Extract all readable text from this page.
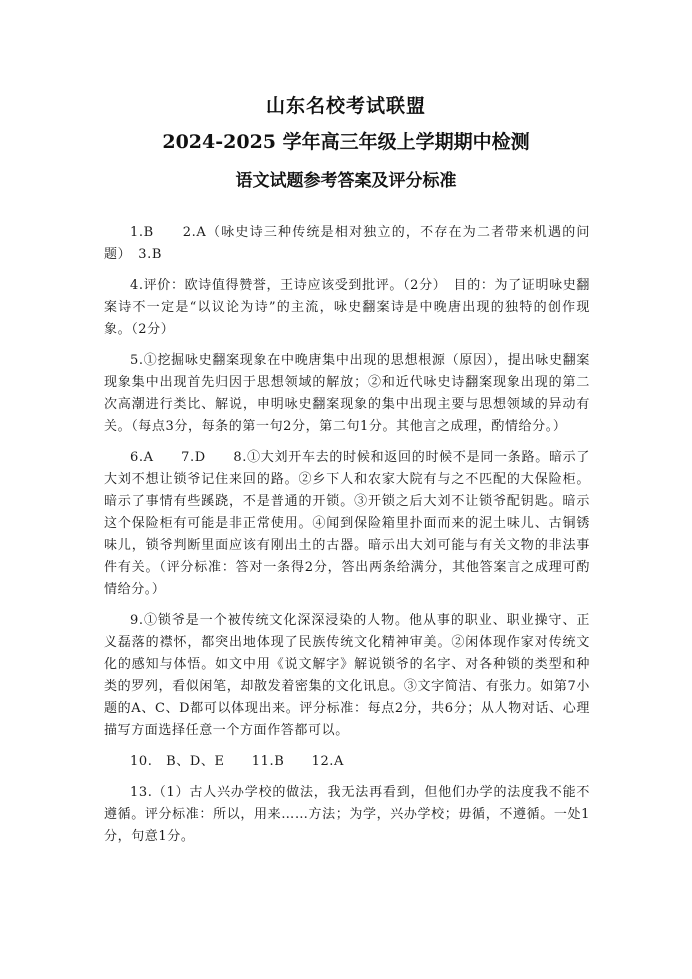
山东名校考试联盟
2024-2025 学年高三年级上学期期中检测
语文试题参考答案及评分标准

1.B　　2.A（咏史诗三种传统是相对独立的，不存在为二者带来机遇的问题）　3.B

4.评价：欧诗值得赞誉，王诗应该受到批评。（2分）　目的：为了证明咏史翻案诗不一定是“以议论为诗”的主流，咏史翻案诗是中晚唐出现的独特的创作现象。（2分）

5.①挖掘咏史翻案现象在中晚唐集中出现的思想根源（原因），提出咏史翻案现象集中出现首先归因于思想领域的解放；②和近代咏史诗翻案现象出现的第二次高潮进行类比、解说，申明咏史翻案现象的集中出现主要与思想领域的异动有关。（每点3分，每条的第一句2分，第二句1分。其他言之成理，酌情给分。）

6.A　　7.D　　8.①大刘开车去的时候和返回的时候不是同一条路。暗示了大刘不想让锁爷记住来回的路。②乡下人和农家大院有与之不匹配的大保险柜。暗示了事情有些蹊跷，不是普通的开锁。③开锁之后大刘不让锁爷配钥匙。暗示这个保险柜有可能是非正常使用。④闻到保险箱里扑面而来的泥土味儿、古铜锈味儿，锁爷判断里面应该有刚出土的古器。暗示出大刘可能与有关文物的非法事件有关。（评分标准：答对一条得2分，答出两条给满分，其他答案言之成理可酌情给分。）

9.①锁爷是一个被传统文化深深浸染的人物。他从事的职业、职业操守、正义磊落的襟怀，都突出地体现了民族传统文化精神审美。②闲体现作家对传统文化的感知与体悟。如文中用《说文解字》解说锁爷的名字、对各种锁的类型和种类的罗列，看似闲笔，却散发着密集的文化讯息。③文字简洁、有张力。如第7小题的A、C、D都可以体现出来。评分标准：每点2分，共6分；从人物对话、心理描写方面选择任意一个方面作答都可以。

10.　B、D、E　　11.B　　12.A

13.（1）古人兴办学校的做法，我无法再看到，但他们办学的法度我不能不遵循。评分标准：所以，用来……方法；为学，兴办学校；毋循，不遵循。一处1分，句意1分。
